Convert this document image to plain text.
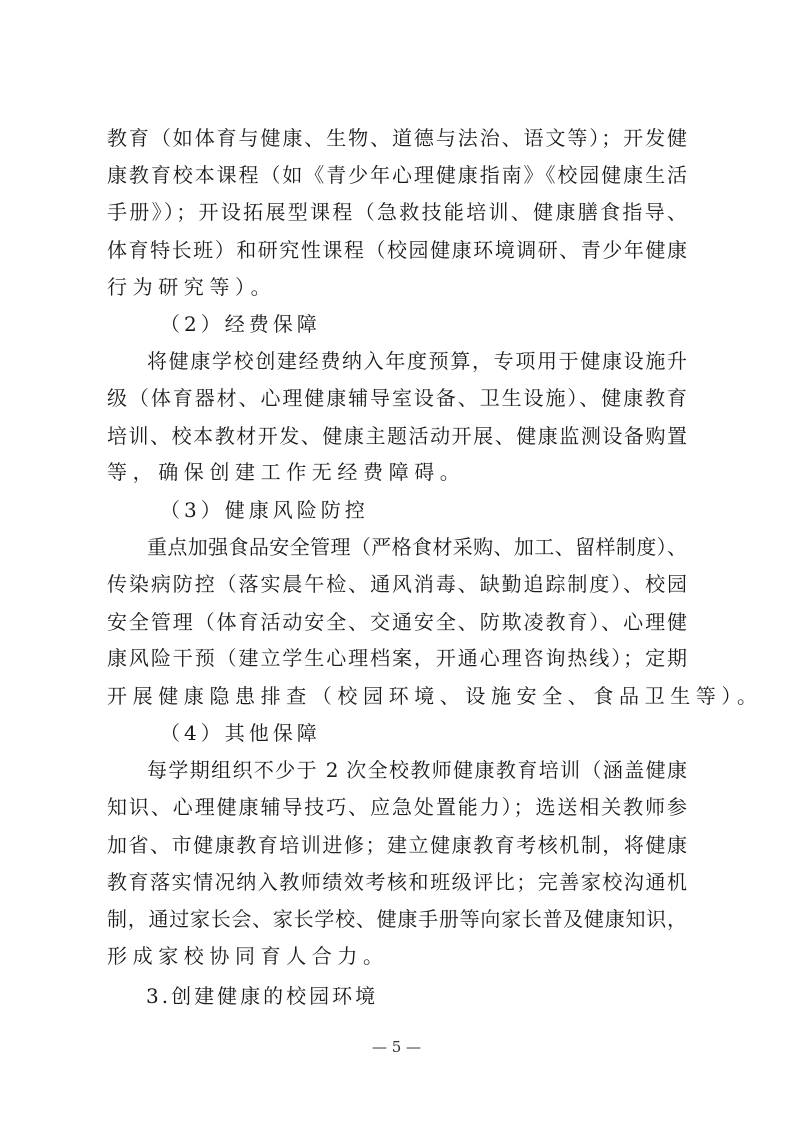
教育（如体育与健康、生物、道德与法治、语文等）；开发健
康教育校本课程（如《青少年心理健康指南》《校园健康生活
手册》）；开设拓展型课程（急救技能培训、健康膳食指导、
体育特长班）和研究性课程（校园健康环境调研、青少年健康
行为研究等）。
（2）经费保障
将健康学校创建经费纳入年度预算，专项用于健康设施升
级（体育器材、心理健康辅导室设备、卫生设施）、健康教育
培训、校本教材开发、健康主题活动开展、健康监测设备购置
等，确保创建工作无经费障碍。
（3）健康风险防控
重点加强食品安全管理（严格食材采购、加工、留样制度）、
传染病防控（落实晨午检、通风消毒、缺勤追踪制度）、校园
安全管理（体育活动安全、交通安全、防欺凌教育）、心理健
康风险干预（建立学生心理档案，开通心理咨询热线）；定期
开展健康隐患排查（校园环境、设施安全、食品卫生等）。
（4）其他保障
每学期组织不少于 2 次全校教师健康教育培训（涵盖健康
知识、心理健康辅导技巧、应急处置能力）；选送相关教师参
加省、市健康教育培训进修；建立健康教育考核机制，将健康
教育落实情况纳入教师绩效考核和班级评比；完善家校沟通机
制，通过家长会、家长学校、健康手册等向家长普及健康知识，
形成家校协同育人合力。
3.创建健康的校园环境
— 5 —
